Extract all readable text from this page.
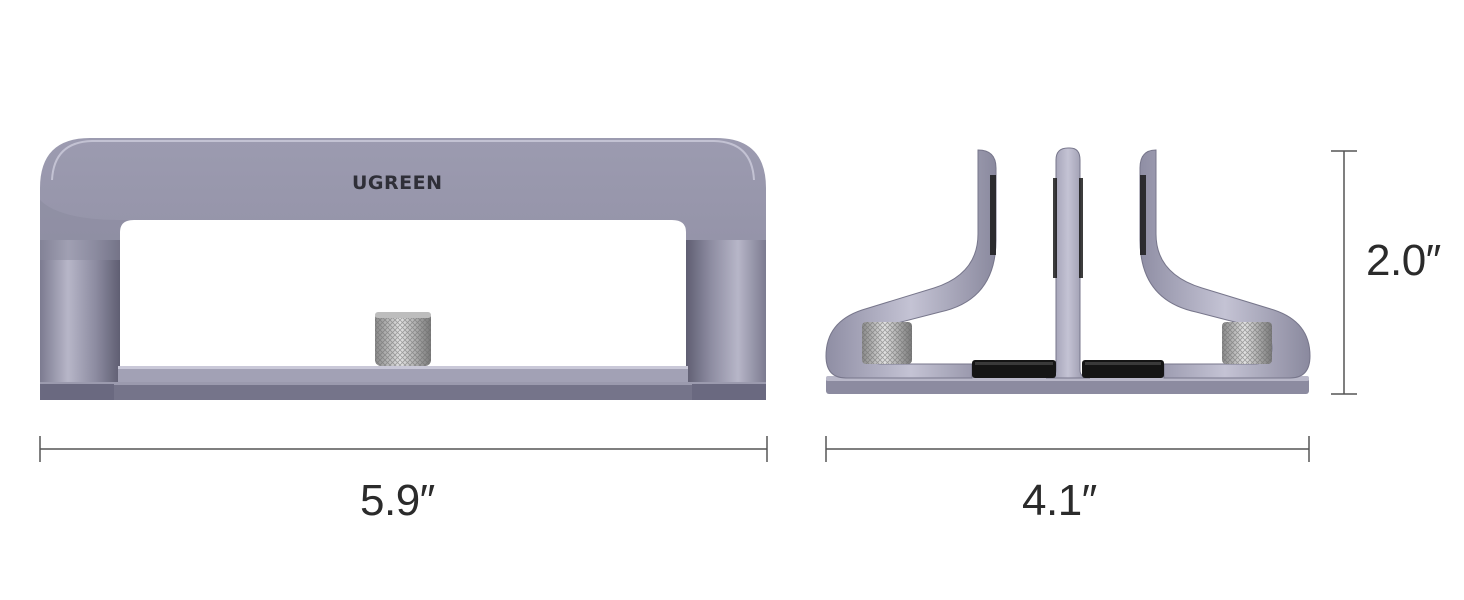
UGREEN
5.9″	4.1″
2.0″
